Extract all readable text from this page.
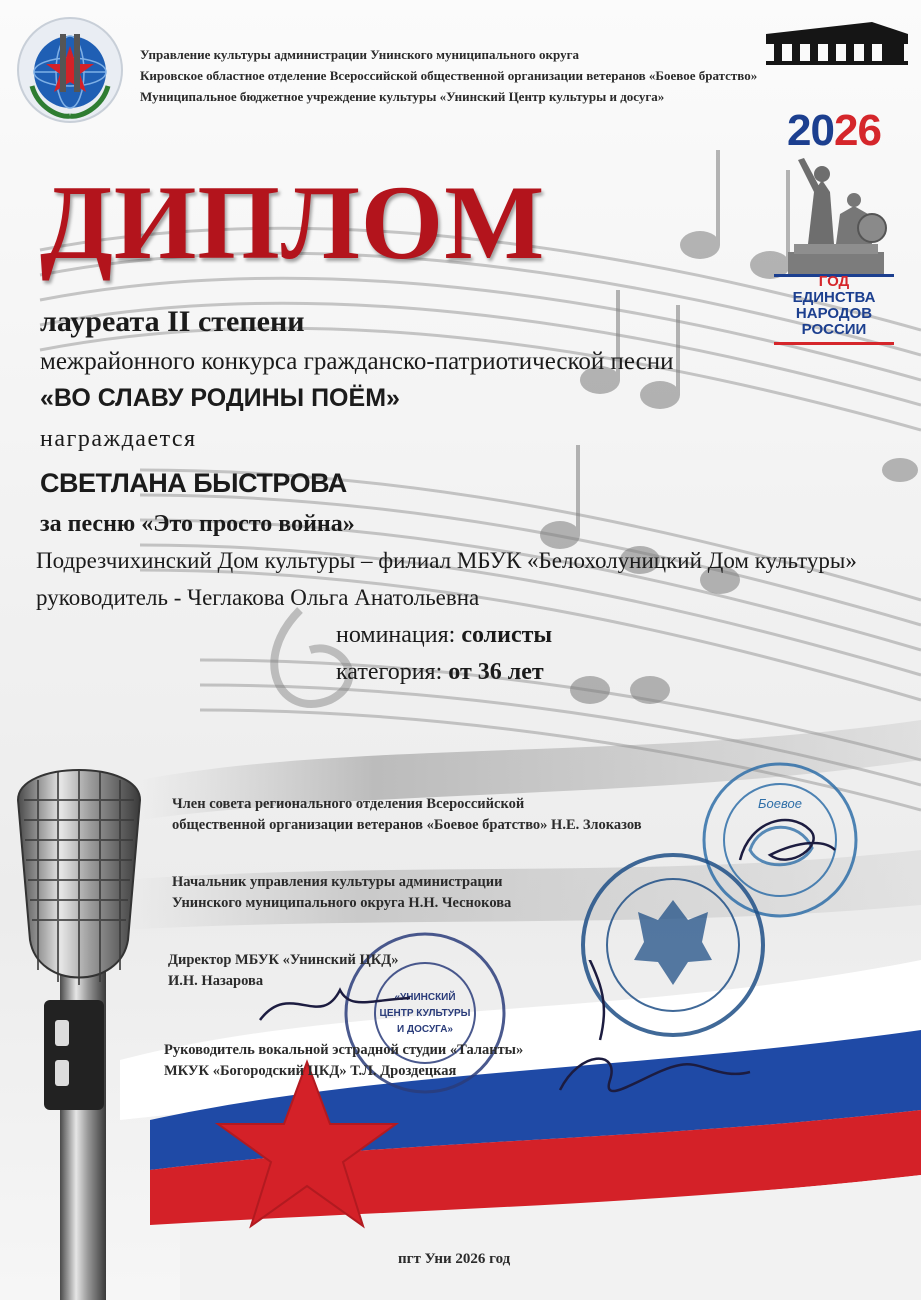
Управление культуры администрации Унинского муниципального округа
Кировское областное отделение Всероссийской общественной организации ветеранов «Боевое братство»
Муниципальное бюджетное учреждение культуры «Унинский Центр культуры и досуга»
2026
ГОД
ЕДИНСТВА
НАРОДОВ
РОССИИ
ДИПЛОМ
лауреата II степени
межрайонного конкурса гражданско-патриотической песни
«ВО СЛАВУ РОДИНЫ ПОЁМ»
награждается
СВЕТЛАНА БЫСТРОВА
за песню «Это просто война»
Подрезчихинский Дом культуры – филиал МБУК «Белохолуницкий Дом культуры»
руководитель - Чеглакова Ольга Анатольевна
номинация: солисты
категория: от 36 лет
Боевое
«УНИНСКИЙ
ЦЕНТР КУЛЬТУРЫ
И ДОСУГА»
Член совета регионального отделения Всероссийской
общественной организации ветеранов «Боевое братство» Н.Е. Злоказов
Начальник управления культуры администрации
Унинского муниципального округа Н.Н. Чеснокова
Директор МБУК «Унинский ЦКД»
И.Н. Назарова
Руководитель вокальной эстрадной студии «Таланты»
МКУК «Богородский ЦКД» Т.Л. Дроздецкая
пгт Уни 2026 год
